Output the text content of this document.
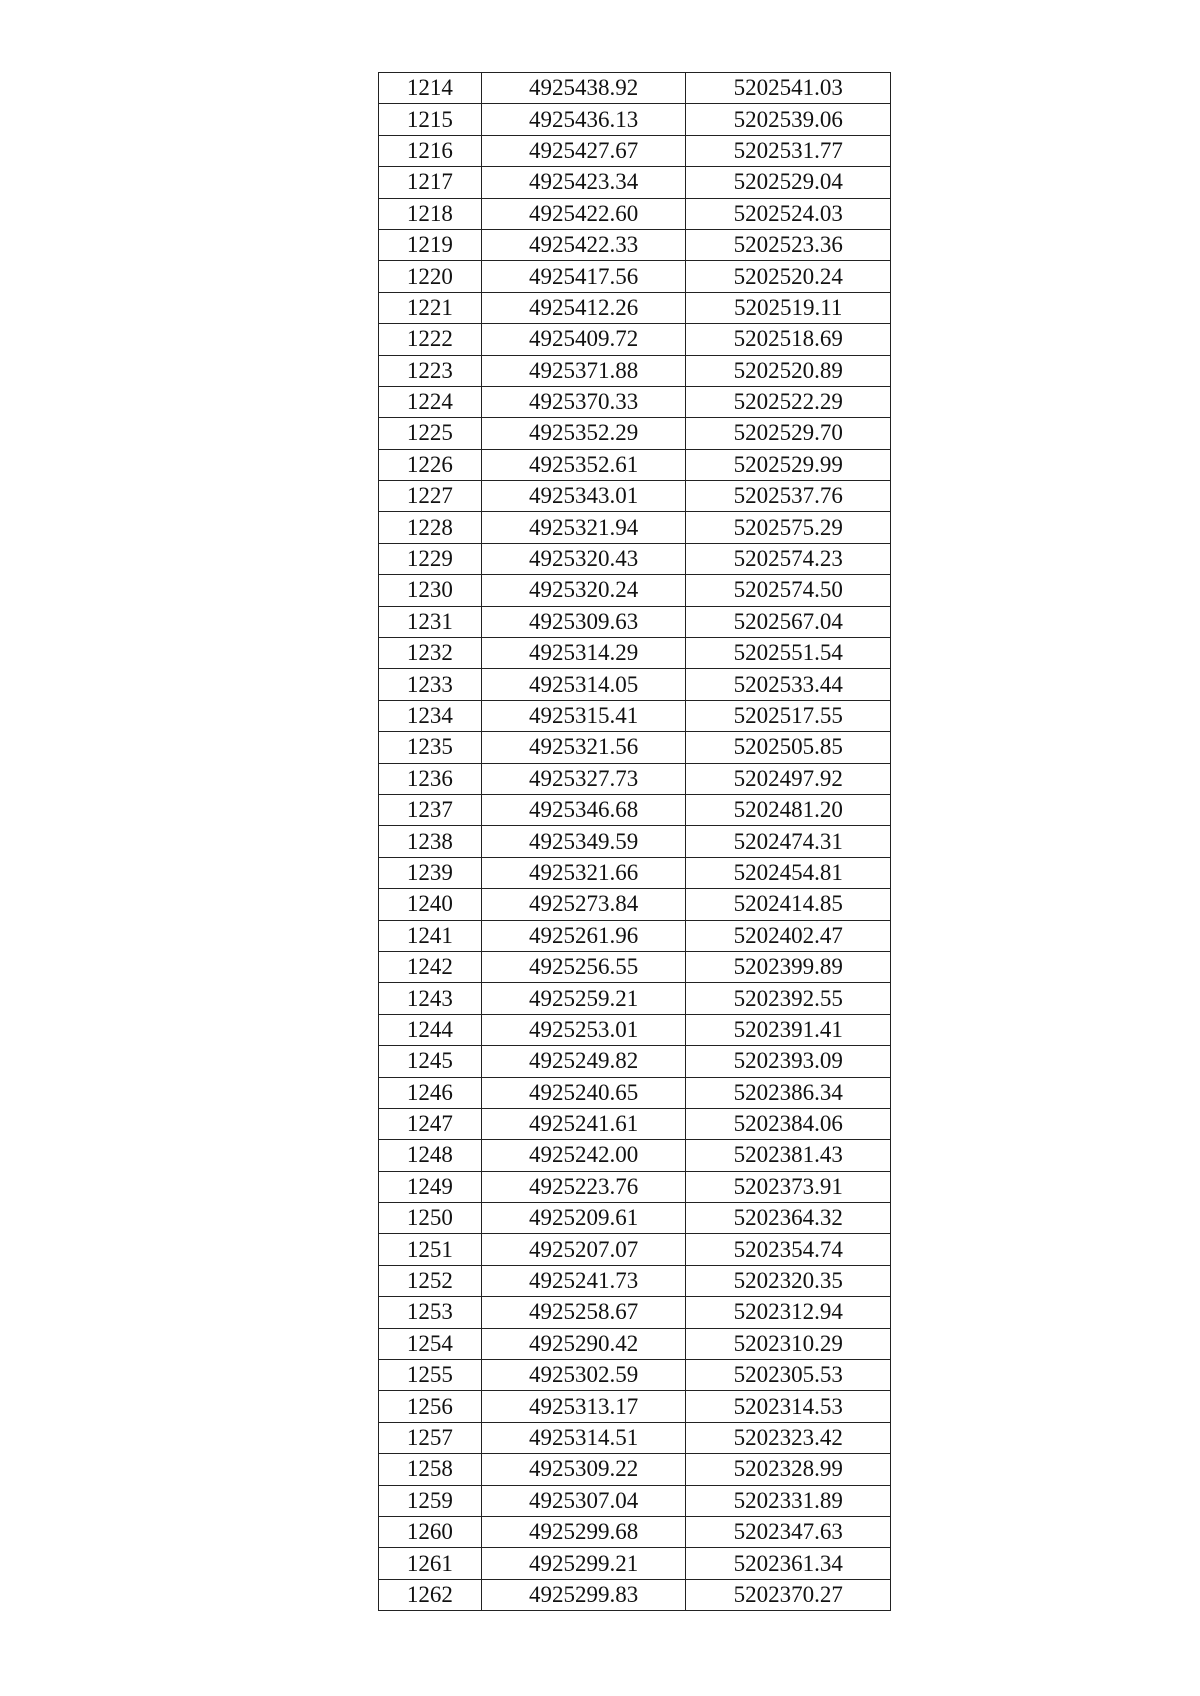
1214	4925438.92	5202541.03
1215	4925436.13	5202539.06
1216	4925427.67	5202531.77
1217	4925423.34	5202529.04
1218	4925422.60	5202524.03
1219	4925422.33	5202523.36
1220	4925417.56	5202520.24
1221	4925412.26	5202519.11
1222	4925409.72	5202518.69
1223	4925371.88	5202520.89
1224	4925370.33	5202522.29
1225	4925352.29	5202529.70
1226	4925352.61	5202529.99
1227	4925343.01	5202537.76
1228	4925321.94	5202575.29
1229	4925320.43	5202574.23
1230	4925320.24	5202574.50
1231	4925309.63	5202567.04
1232	4925314.29	5202551.54
1233	4925314.05	5202533.44
1234	4925315.41	5202517.55
1235	4925321.56	5202505.85
1236	4925327.73	5202497.92
1237	4925346.68	5202481.20
1238	4925349.59	5202474.31
1239	4925321.66	5202454.81
1240	4925273.84	5202414.85
1241	4925261.96	5202402.47
1242	4925256.55	5202399.89
1243	4925259.21	5202392.55
1244	4925253.01	5202391.41
1245	4925249.82	5202393.09
1246	4925240.65	5202386.34
1247	4925241.61	5202384.06
1248	4925242.00	5202381.43
1249	4925223.76	5202373.91
1250	4925209.61	5202364.32
1251	4925207.07	5202354.74
1252	4925241.73	5202320.35
1253	4925258.67	5202312.94
1254	4925290.42	5202310.29
1255	4925302.59	5202305.53
1256	4925313.17	5202314.53
1257	4925314.51	5202323.42
1258	4925309.22	5202328.99
1259	4925307.04	5202331.89
1260	4925299.68	5202347.63
1261	4925299.21	5202361.34
1262	4925299.83	5202370.27
